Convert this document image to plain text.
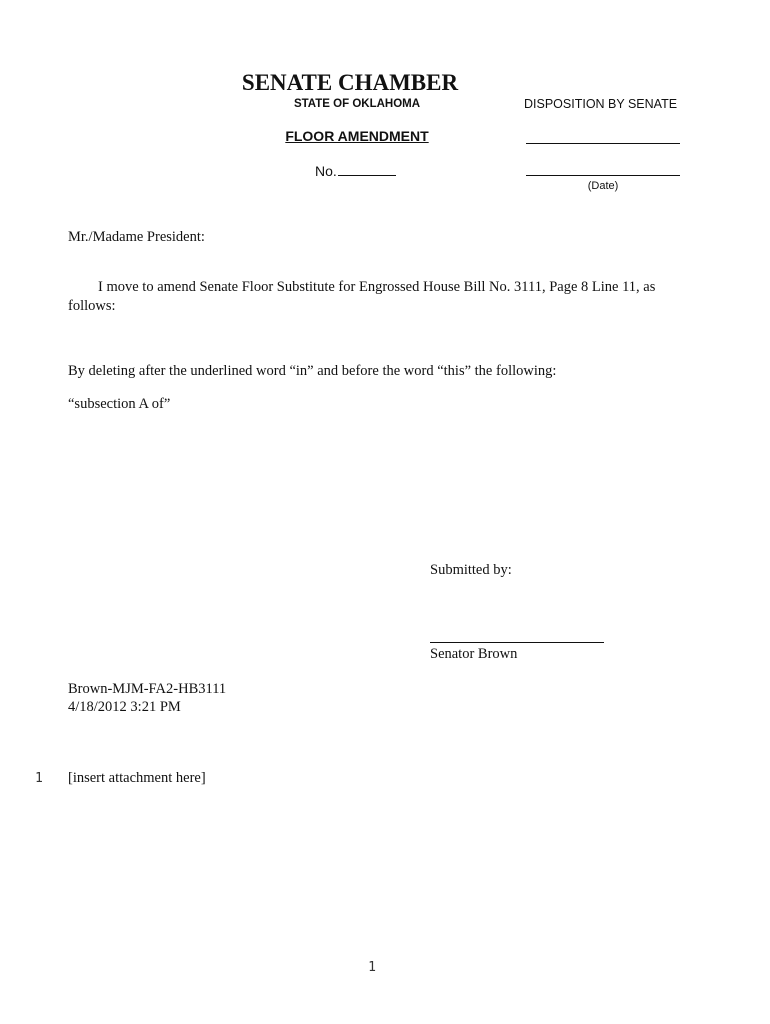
SENATE CHAMBER
STATE OF OKLAHOMA	DISPOSITION BY SENATE
FLOOR AMENDMENT
No.
(Date)
Mr./Madame President:
I move to amend Senate Floor Substitute for Engrossed House Bill No. 3111, Page 8 Line 11, as follows:
By deleting after the underlined word “in” and before the word “this” the following:
“subsection A of”
Submitted by:
Senator Brown
Brown-MJM-FA2-HB3111
4/18/2012 3:21 PM
1 [insert attachment here]
1
